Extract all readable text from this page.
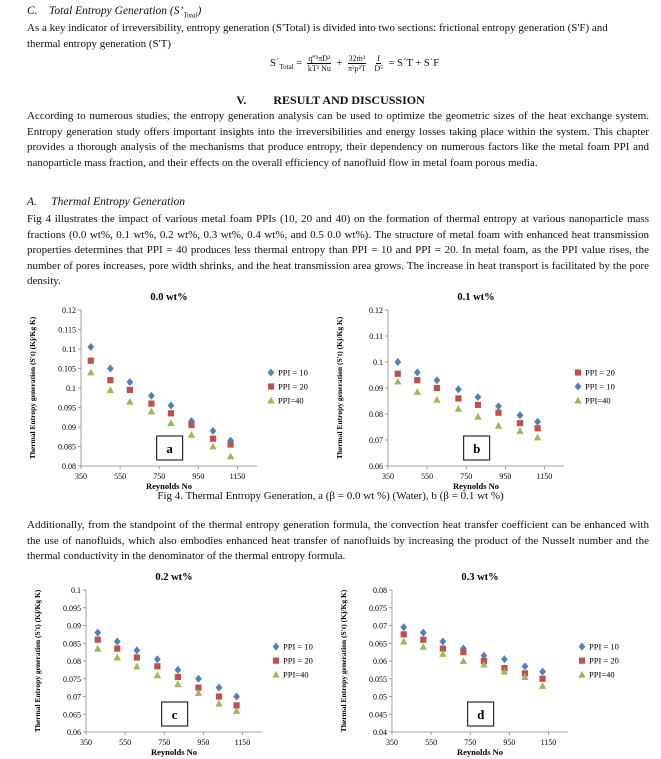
C. Total Entropy Generation $(S’_{Total})$
As a key indicator of irreversibility, entropy generation (S'Total) is divided into two sections: frictional entropy generation (S'F) and
thermal entropy generation (S'T)
$S´_{Total} = \frac{\text{q‴²πD²}}{\text{kT² Nu}} + \frac{\text{32ṁ³}}{\text{π²ρ²T}}$
$\frac{f}{\text{D⁵}}$ = S´T + S´F
V. RESULT AND DISCUSSION
According to numerous studies, the entropy generation analysis can be used to optimize the geometric sizes of the heat exchange system. Entropy generation study offers important insights into the irreversibilities and energy losses taking place within the system. This chapter provides a thorough analysis of the mechanisms that produce entropy, their dependency on numerous factors like the metal foam PPI and nanoparticle mass fraction, and their effects on the overall efficiency of nanofluid flow in metal foam porous media.
A. Thermal Entropy Generation
Fig 4 illustrates the impact of various metal foam PPIs (10, 20 and 40) on the formation of thermal entropy at various nanoparticle mass fractions (0.0 wt%, 0.1 wt%, 0.2 wt%, 0.3 wt%, 0.4 wt%, and 0.5 0.0 wt%). The structure of metal foam with enhanced heat transmission properties determines that PPI = 40 produces less thermal entropy than PPI = 10 and PPI = 20. In metal foam, as the PPI value rises, the number of pores increases, pore width shrinks, and the heat transmission area grows. The increase in heat transport is facilitated by the pore density.
0.0 wt%
0.08
0.085
0.09
0.095
0.1
0.105
0.11
0.115
0.12
350	550	750	950	1150
Reynolds No
Thermal Entropy generation (S't) (Kj/Kg K)	a
PPI = 10
PPI = 20
PPI=40
0.1 wt%
0.06
0.07
0.08
0.09
0.1
0.11
0.12
350	550	750	950	1150
Reynolds No
Thermal Entropy generation (S't) (Kj/Kg K)	b
PPI = 20
PPI = 10
PPI=40
Fig 4. Thermal Entropy Generation, a (β = 0.0 wt %) (Water), b (β = 0.1 wt %)
Additionally, from the standpoint of the thermal entropy generation formula, the convection heat transfer coefficient can be enhanced with the use of nanofluids, which also embodies enhanced heat transfer of nanofluids by increasing the product of the Nusselt number and the thermal conductivity in the denominator of the thermal entropy formula.
0.2 wt%
0.06
0.065
0.07
0.075
0.08
0.085
0.09
0.095
0.1
350	550	750	950	1150
Reynolds No
Thermal Entropy generation (S't) (Kj/Kg K)	c
PPI = 10
PPI = 20
PPI=40
0.3 wt%
0.04
0.045
0.05
0.055
0.06
0.065
0.07
0.075
0.08
350	550	750	950	1150
Reynolds No
Thermal Entropy generation (S't) (Kj/Kg K)	d
PPI = 10
PPI = 20
PPI=40
